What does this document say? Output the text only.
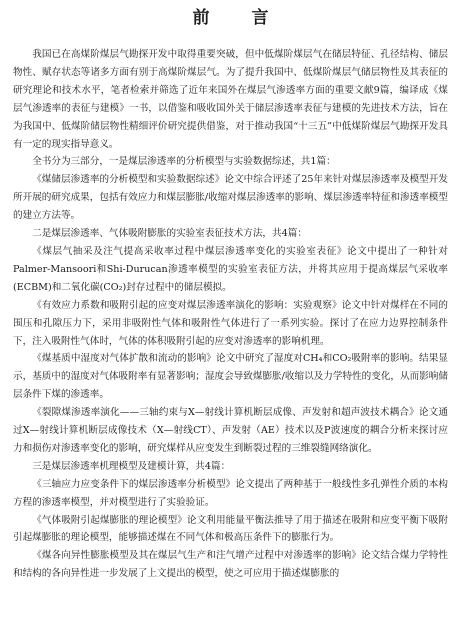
前 言

我国已在高煤阶煤层气勘探开发中取得重要突破，但中低煤阶煤层气在储层特征、孔径结构、储层物性、赋存状态等诸多方面有别于高煤阶煤层气。为了提升我国中、低煤阶煤层气储层物性及其表征的研究理论和技术水平，笔者检索并筛选了近年来国外在煤层气渗透率方面的重要文献9篇，编译成《煤层气渗透率的表征与建模》一书，以借鉴和吸收国外关于储层渗透率表征与建模的先进技术方法，旨在为我国中、低煤阶储层物性精细评价研究提供借鉴，对于推动我国“十三五”中低煤阶煤层气勘探开发具有一定的现实指导意义。

全书分为三部分，一是煤层渗透率的分析模型与实验数据综述，共1篇：

《煤储层渗透率的分析模型和实验数据综述》论文中综合评述了25年来针对煤层渗透率及模型开发所开展的研究成果，包括有效应力和煤层膨胀/收缩对煤层渗透率的影响、煤层渗透率特征和渗透率模型的建立方法等。

二是煤层渗透率、气体吸附膨胀的实验室表征技术方法，共4篇：

《煤层气抽采及注气提高采收率过程中煤层渗透率变化的实验室表征》论文中提出了一种针对Palmer-Mansoori和Shi-Durucan渗透率模型的实验室表征方法，并将其应用于提高煤层气采收率(ECBM)和二氧化碳(CO₂)封存过程中的储层模拟。

《有效应力系数和吸附引起的应变对煤层渗透率演化的影响：实验观察》论文中针对煤样在不同的围压和孔隙压力下，采用非吸附性气体和吸附性气体进行了一系列实验。探讨了在应力边界控制条件下，注入吸附性气体时，气体的体积吸附引起的应变对渗透率的影响机理。

《煤基质中湿度对气体扩散和流动的影响》论文中研究了湿度对CH₄和CO₂吸附率的影响。结果显示，基质中的湿度对气体吸附率有显著影响；湿度会导致煤膨胀/收缩以及力学特性的变化，从而影响储层条件下煤的渗透率。

《裂隙煤渗透率演化——三轴约束与X—射线计算机断层成像、声发射和超声波技术耦合》论文通过X—射线计算机断层成像技术（X—射线CT）、声发射（AE）技术以及P波速度的耦合分析来探讨应力和损伤对渗透率变化的影响，研究煤样从应变发生到断裂过程的三维裂缝网络演化。

三是煤层渗透率机理模型及建模计算，共4篇：

《三轴应力应变条件下的煤层渗透率分析模型》论文提出了两种基于一般线性多孔弹性介质的本构方程的渗透率模型，并对模型进行了实验验证。

《气体吸附引起煤膨胀的理论模型》论文利用能量平衡法推导了用于描述在吸附和应变平衡下吸附引起煤膨胀的理论模型，能够描述煤在不同气体和极高压条件下的膨胀行为。

《煤各向异性膨胀模型及其在煤层气生产和注气增产过程中对渗透率的影响》论文结合煤力学特性和结构的各向异性进一步发展了上文提出的模型，使之可应用于描述煤膨胀的
